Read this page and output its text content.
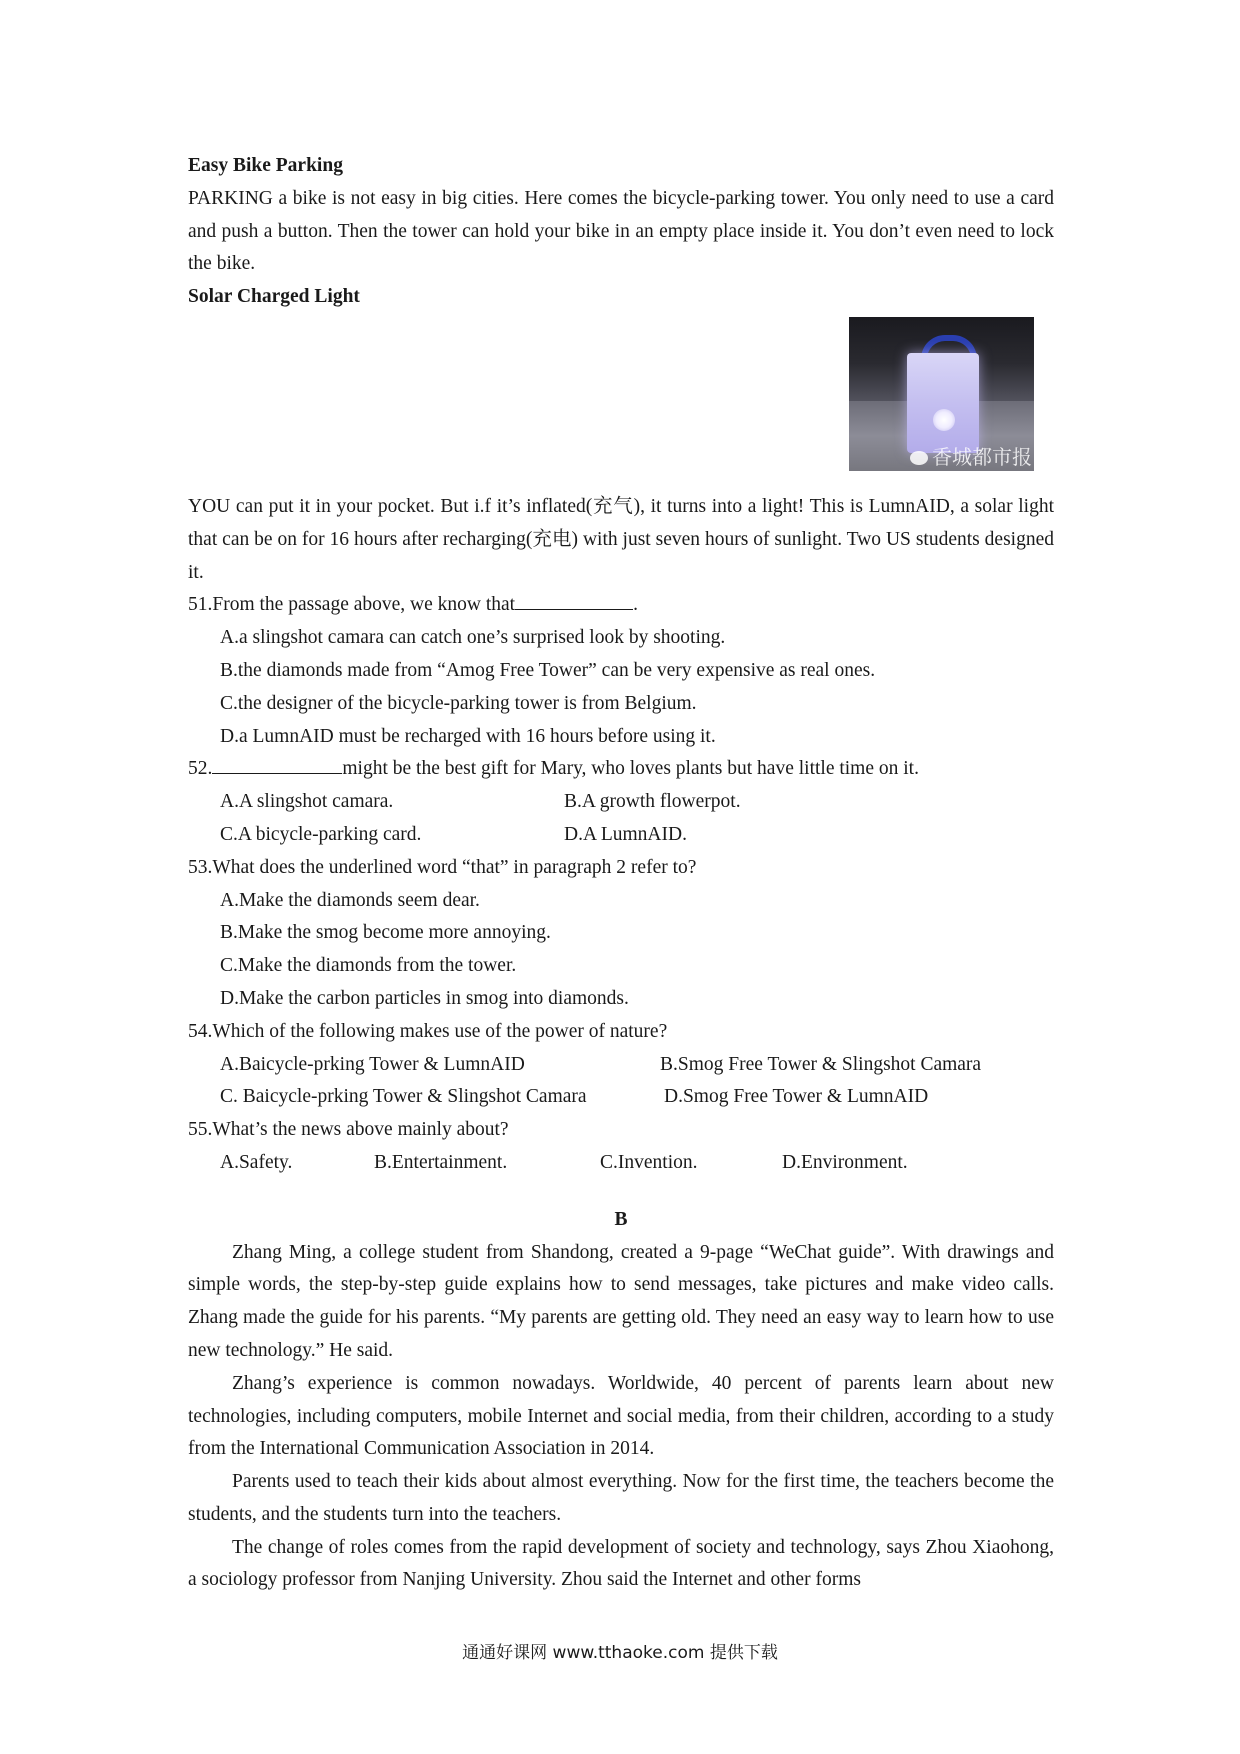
Easy Bike Parking
PARKING a bike is not easy in big cities. Here comes the bicycle-parking tower. You only need to use a card and push a button. Then the tower can hold your bike in an empty place inside it. You don’t even need to lock the bike.
Solar Charged Light
香城都市报
YOU can put it in your pocket. But i.f it’s inflated(充气), it turns into a light! This is LumnAID, a solar light that can be on for 16 hours after recharging(充电) with just seven hours of sunlight. Two US students designed it.
51.From the passage above, we know that	.
A.a slingshot camara can catch one’s surprised look by shooting.
B.the diamonds made from “Amog Free Tower” can be very expensive as real ones.
C.the designer of the bicycle-parking tower is from Belgium.
D.a LumnAID must be recharged with 16 hours before using it.
52.	might be the best gift for Mary, who loves plants but have little time on it.
A.A slingshot camara.	B.A growth flowerpot.
C.A bicycle-parking card.	D.A LumnAID.
53.What does the underlined word “that” in paragraph 2 refer to?
A.Make the diamonds seem dear.
B.Make the smog become more annoying.
C.Make the diamonds from the tower.
D.Make the carbon particles in smog into diamonds.
54.Which of the following makes use of the power of nature?
A.Baicycle-prking Tower & LumnAID	B.Smog Free Tower & Slingshot Camara
C. Baicycle-prking Tower & Slingshot Camara	D.Smog Free Tower & LumnAID
55.What’s the news above mainly about?
A.Safety.	B.Entertainment.	C.Invention.	D.Environment.
B
Zhang Ming, a college student from Shandong, created a 9-page “WeChat guide”. With drawings and simple words, the step-by-step guide explains how to send messages, take pictures and make video calls. Zhang made the guide for his parents. “My parents are getting old. They need an easy way to learn how to use new technology.” He said.
Zhang’s experience is common nowadays. Worldwide, 40 percent of parents learn about new technologies, including computers, mobile Internet and social media, from their children, according to a study from the International Communication Association in 2014.
Parents used to teach their kids about almost everything. Now for the first time, the teachers become the students, and the students turn into the teachers.
The change of roles comes from the rapid development of society and technology, says Zhou Xiaohong, a sociology professor from Nanjing University. Zhou said the Internet and other forms
通通好课网 www.tthaoke.com 提供下载
